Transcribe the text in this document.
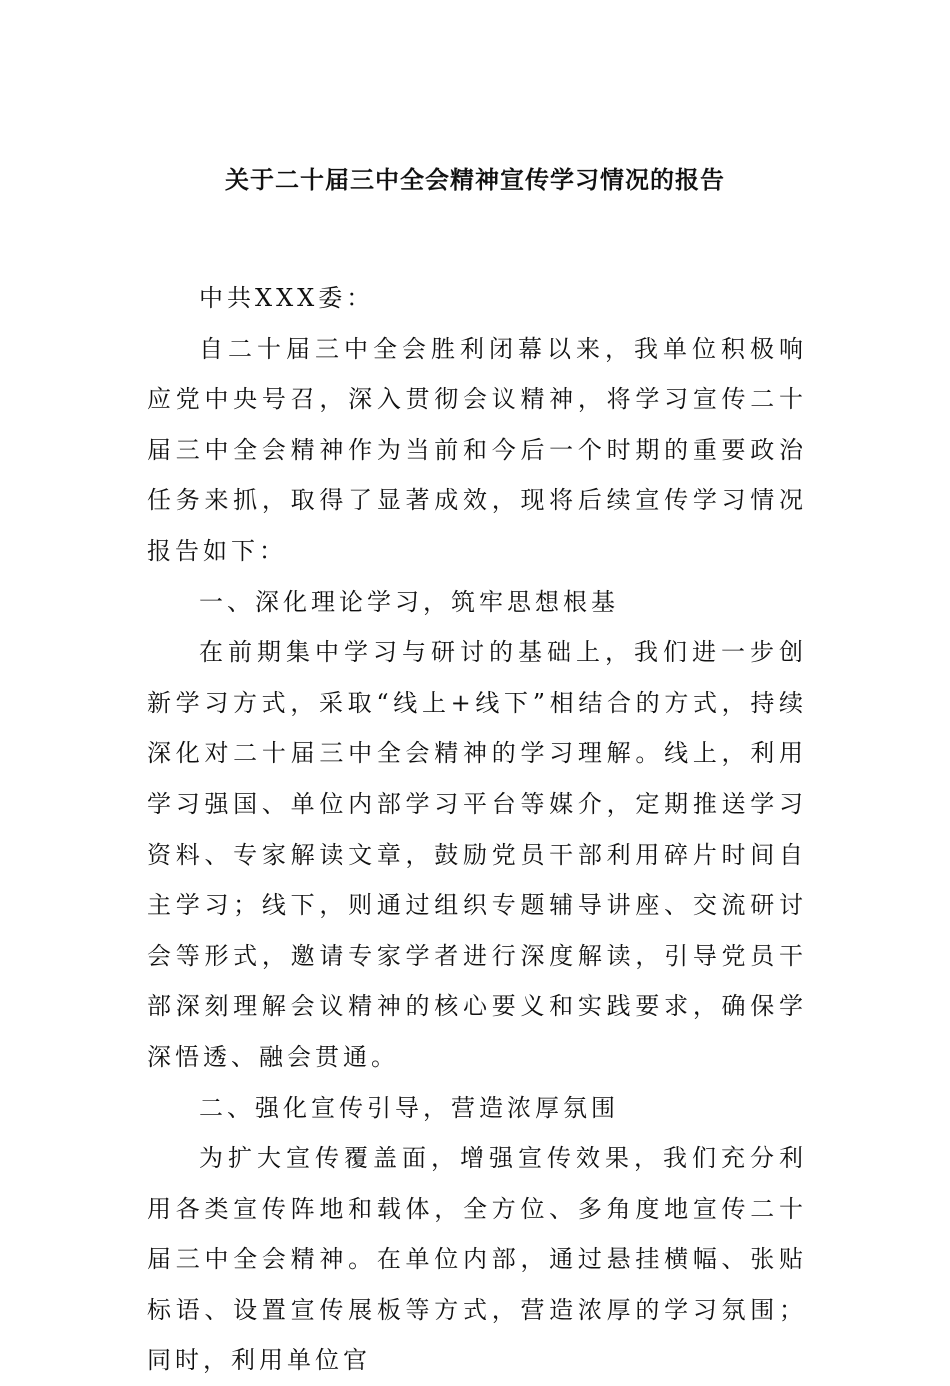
关于二十届三中全会精神宣传学习情况的报告

中共XXX委：

自二十届三中全会胜利闭幕以来，我单位积极响应党中央号召，深入贯彻会议精神，将学习宣传二十届三中全会精神作为当前和今后一个时期的重要政治任务来抓，取得了显著成效，现将后续宣传学习情况报告如下：

一、深化理论学习，筑牢思想根基

在前期集中学习与研讨的基础上，我们进一步创新学习方式，采取“线上+线下”相结合的方式，持续深化对二十届三中全会精神的学习理解。线上，利用学习强国、单位内部学习平台等媒介，定期推送学习资料、专家解读文章，鼓励党员干部利用碎片时间自主学习；线下，则通过组织专题辅导讲座、交流研讨会等形式，邀请专家学者进行深度解读，引导党员干部深刻理解会议精神的核心要义和实践要求，确保学深悟透、融会贯通。

二、强化宣传引导，营造浓厚氛围

为扩大宣传覆盖面，增强宣传效果，我们充分利用各类宣传阵地和载体，全方位、多角度地宣传二十届三中全会精神。在单位内部，通过悬挂横幅、张贴标语、设置宣传展板等方式，营造浓厚的学习氛围；同时，利用单位官
